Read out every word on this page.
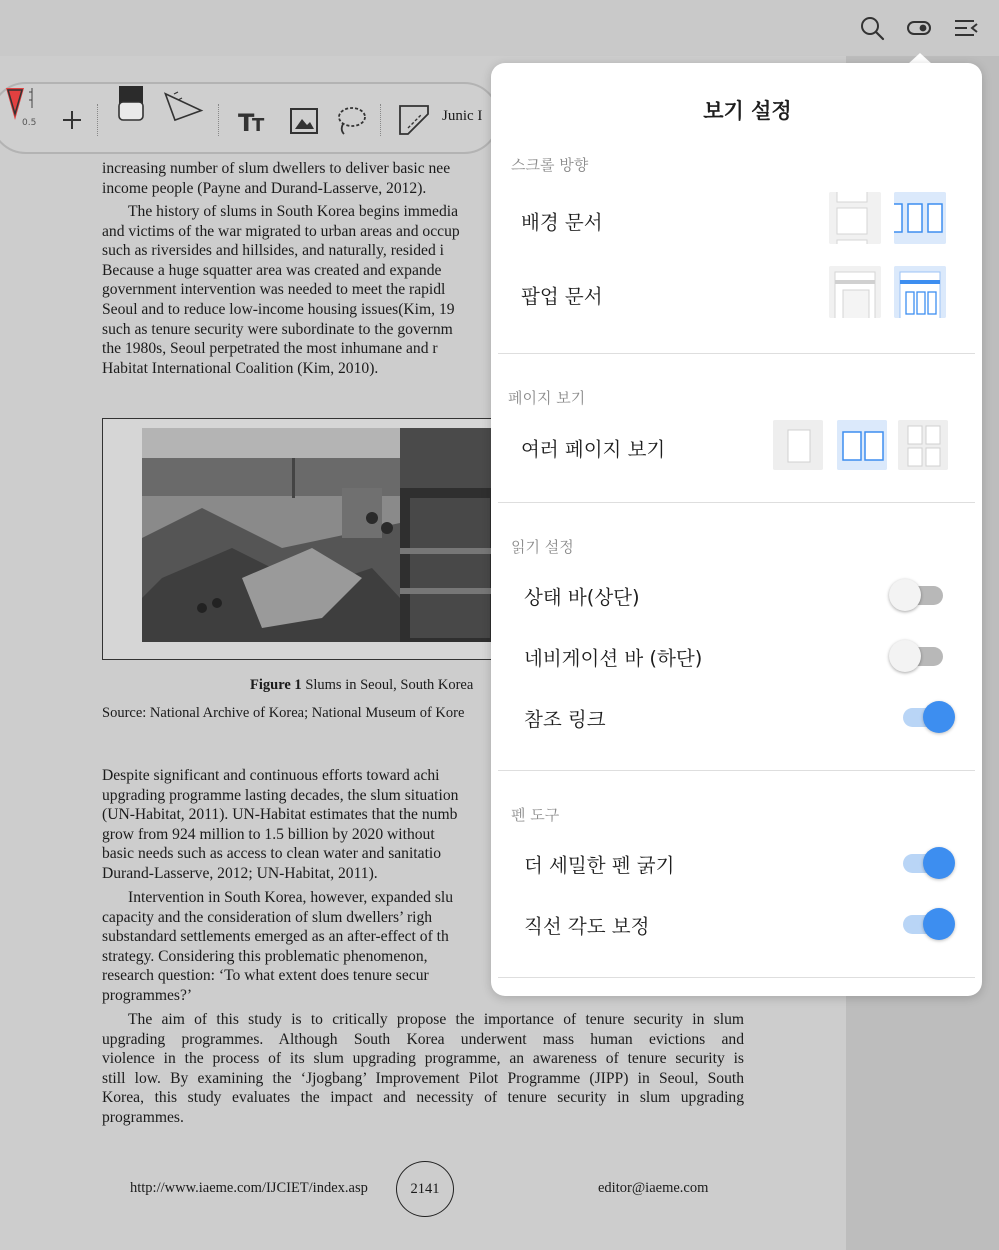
increasing number of slum dwellers to deliver basic nee
income people (Payne and Durand-Lasserve, 2012).
The history of slums in South Korea begins immedia
and victims of the war migrated to urban areas and occup
such as riversides and hillsides, and naturally, resided i
Because a huge squatter area was created and expande
government intervention was needed to meet the rapidl
Seoul and to reduce low-income housing issues(Kim, 19
such as tenure security were subordinate to the governm
the 1980s, Seoul perpetrated the most inhumane and r
Habitat International Coalition (Kim, 2010).
Figure 1 Slums in Seoul, South Korea
Source: National Archive of Korea; National Museum of Kore
Despite significant and continuous efforts toward achi
upgrading programme lasting decades, the slum situation
(UN-Habitat, 2011). UN-Habitat estimates that the numb
grow from 924 million to 1.5 billion by 2020 without
basic needs such as access to clean water and sanitatio
Durand-Lasserve, 2012; UN-Habitat, 2011).
Intervention in South Korea, however, expanded slu
capacity and the consideration of slum dwellers’ righ
substandard settlements emerged as an after-effect of th
strategy. Considering this problematic phenomenon,
research question: ‘To what extent does tenure secur
programmes?’
The aim of this study is to critically propose the importance of tenure security in slum
upgrading programmes. Although South Korea underwent mass human evictions and
violence in the process of its slum upgrading programme, an awareness of tenure security is
still low. By examining the ‘Jjogbang’ Improvement Pilot Programme (JIPP) in Seoul, South
Korea, this study evaluates the impact and necessity of tenure security in slum upgrading
programmes.
http://www.iaeme.com/IJCIET/index.asp	2141	editor@iaeme.com
0.5	T
T	Junic I	보기 설정
스크롤 방향
배경 문서
팝업 문서
페이지 보기
여러 페이지 보기
읽기 설정
상태 바(상단)
네비게이션 바 (하단)
참조 링크
펜 도구
더 세밀한 펜 굵기
직선 각도 보정
